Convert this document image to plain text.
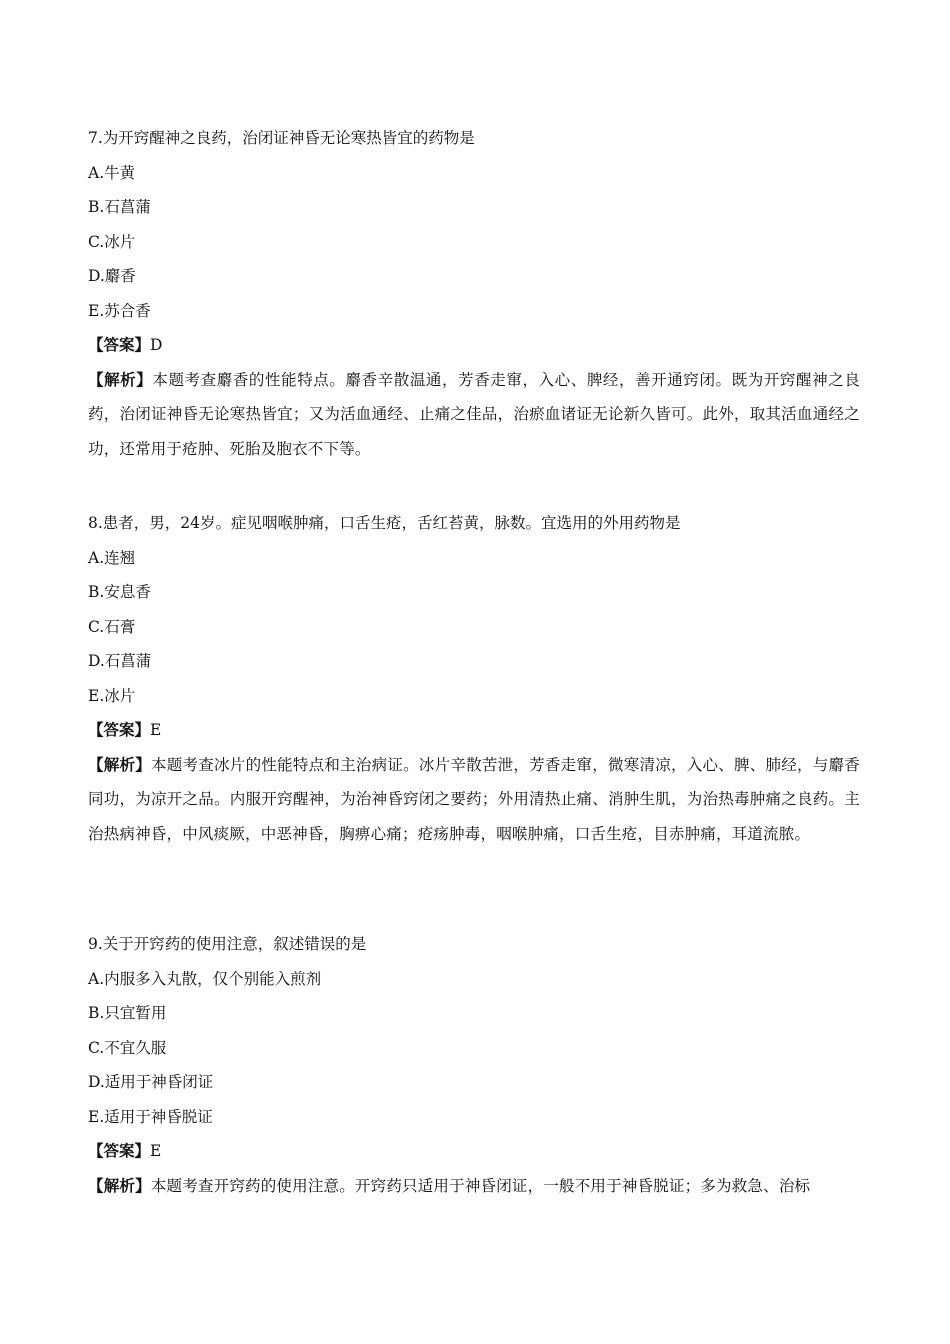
7.为开窍醒神之良药，治闭证神昏无论寒热皆宜的药物是
A.牛黄
B.石菖蒲
C.冰片
D.麝香
E.苏合香
【答案】D
【解析】本题考查麝香的性能特点。麝香辛散温通，芳香走窜，入心、脾经，善开通窍闭。既为开窍醒神之良药，治闭证神昏无论寒热皆宜；又为活血通经、止痛之佳品，治瘀血诸证无论新久皆可。此外，取其活血通经之功，还常用于疮肿、死胎及胞衣不下等。
8.患者，男，24岁。症见咽喉肿痛，口舌生疮，舌红苔黄，脉数。宜选用的外用药物是
A.连翘
B.安息香
C.石膏
D.石菖蒲
E.冰片
【答案】E
【解析】本题考查冰片的性能特点和主治病证。冰片辛散苦泄，芳香走窜，微寒清凉，入心、脾、肺经，与麝香同功，为凉开之品。内服开窍醒神，为治神昏窍闭之要药；外用清热止痛、消肿生肌，为治热毒肿痛之良药。主治热病神昏，中风痰厥，中恶神昏，胸痹心痛；疮疡肿毒，咽喉肿痛，口舌生疮，目赤肿痛，耳道流脓。
9.关于开窍药的使用注意，叙述错误的是
A.内服多入丸散，仅个别能入煎剂
B.只宜暂用
C.不宜久服
D.适用于神昏闭证
E.适用于神昏脱证
【答案】E
【解析】本题考查开窍药的使用注意。开窍药只适用于神昏闭证，一般不用于神昏脱证；多为救急、治标
